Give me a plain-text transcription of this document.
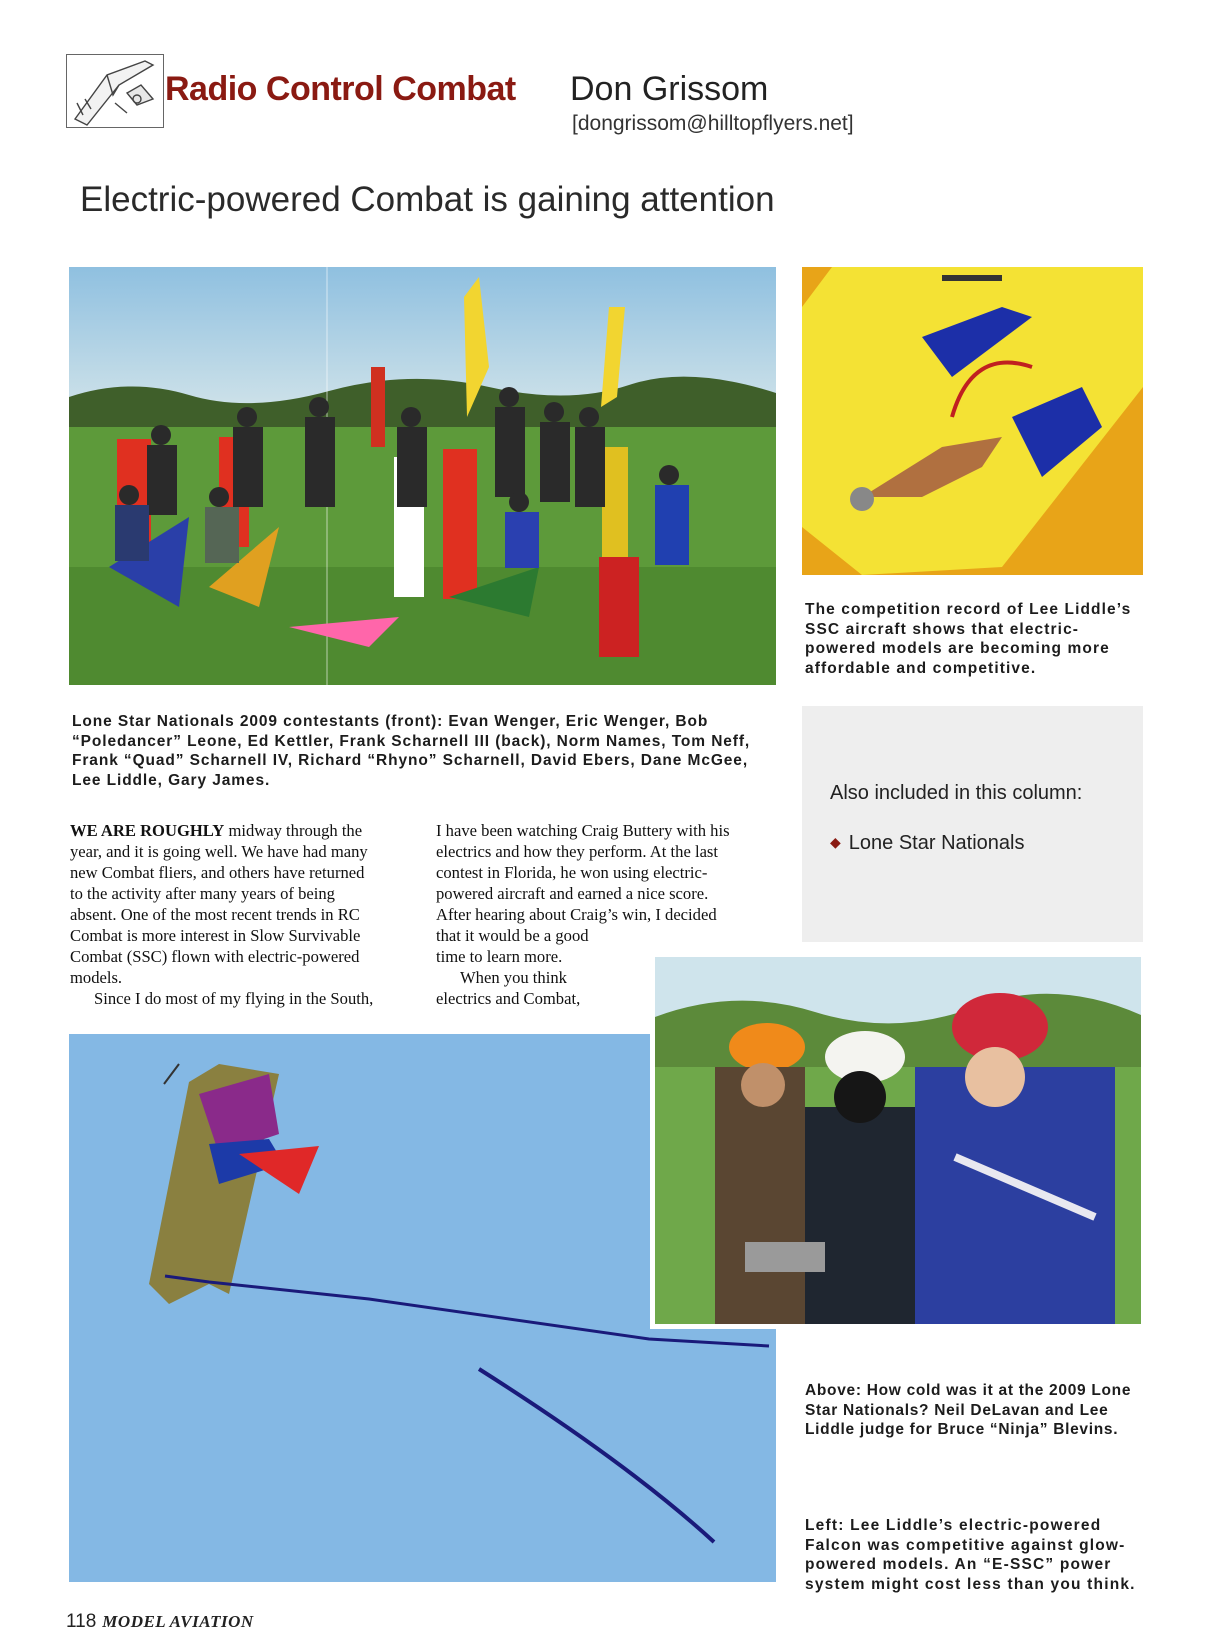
Radio Control Combat Don Grissom
[dongrissom@hilltopflyers.net]
Electric-powered Combat is gaining attention
The competition record of Lee Liddle’s SSC aircraft shows that electric-powered models are becoming more affordable and competitive.
Lone Star Nationals 2009 contestants (front): Evan Wenger, Eric Wenger, Bob “Poledancer” Leone, Ed Kettler, Frank Scharnell III (back), Norm Names, Tom Neff, Frank “Quad” Scharnell IV, Richard “Rhyno” Scharnell, David Ebers, Dane McGee, Lee Liddle, Gary James.
Also included in this column:
◆ Lone Star Nationals
WE ARE ROUGHLY midway through the
year, and it is going well. We have had many
new Combat fliers, and others have returned
to the activity after many years of being
absent. One of the most recent trends in RC
Combat is more interest in Slow Survivable
Combat (SSC) flown with electric-powered
models.
Since I do most of my flying in the South,
I have been watching Craig Buttery with his
electrics and how they perform. At the last
contest in Florida, he won using electric-
powered aircraft and earned a nice score.
After hearing about Craig’s win, I decided
that it would be a good
time to learn more.
When you think
electrics and Combat,
Above: How cold was it at the 2009 Lone Star Nationals? Neil DeLavan and Lee Liddle judge for Bruce “Ninja” Blevins.
Left: Lee Liddle’s electric-powered Falcon was competitive against glow-powered models. An “E-SSC” power system might cost less than you think.
118 MODEL AVIATION
